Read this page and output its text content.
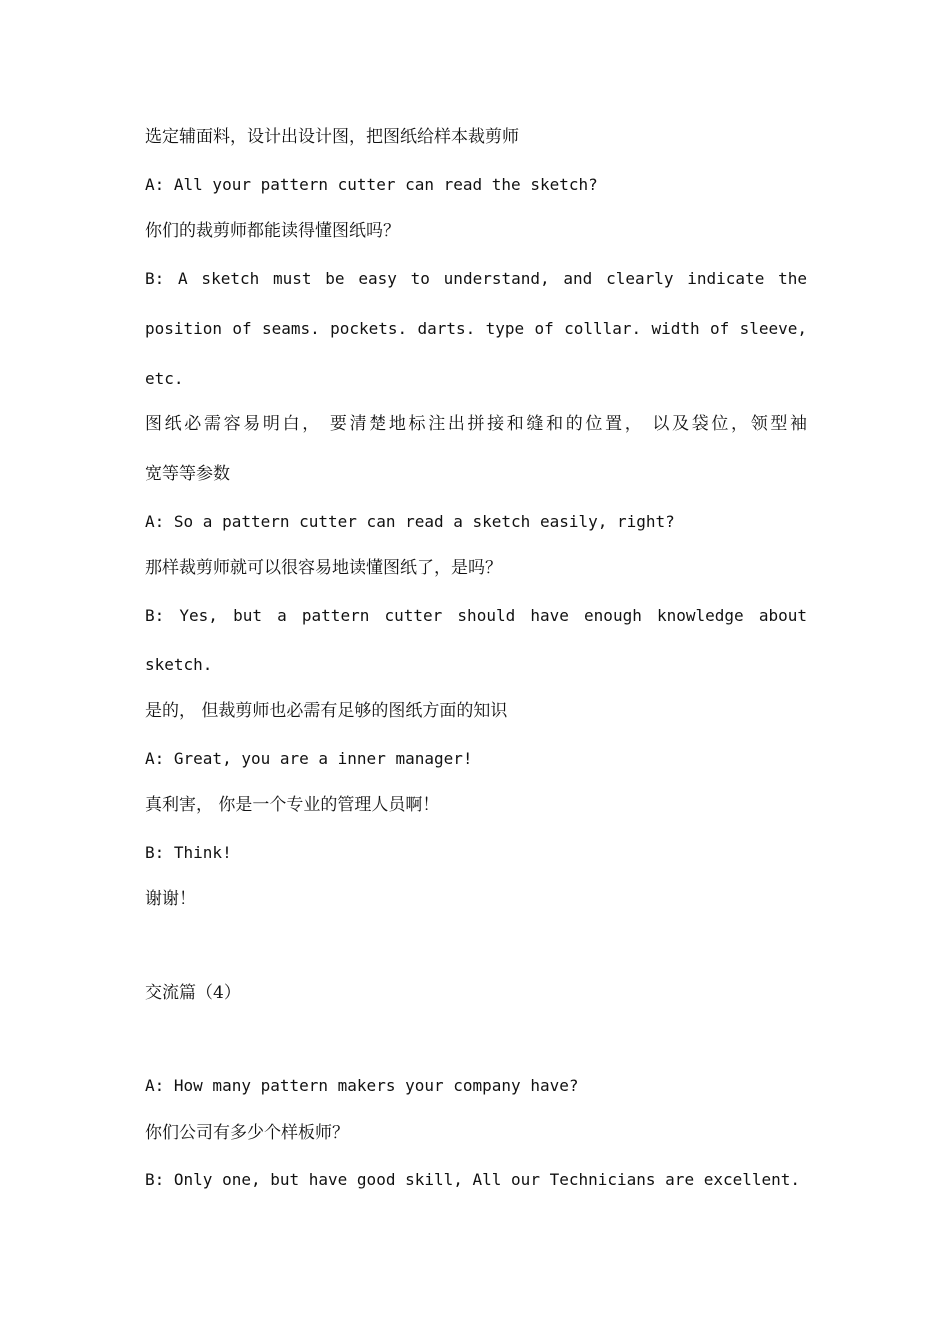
选定辅面料，设计出设计图，把图纸给样本裁剪师

A: All your pattern cutter can read the sketch?

你们的裁剪师都能读得懂图纸吗？

B: A sketch must be easy to understand, and clearly indicate the

position of seams. pockets. darts. type of colllar. width of sleeve,

etc.

图纸必需容易明白， 要清楚地标注出拼接和缝和的位置， 以及袋位，领型袖

宽等等参数

A: So a pattern cutter can read a sketch easily, right?

那样裁剪师就可以很容易地读懂图纸了，是吗？

B: Yes, but a pattern cutter should have enough knowledge about

sketch.

是的， 但裁剪师也必需有足够的图纸方面的知识

A: Great, you are a inner manager!

真利害， 你是一个专业的管理人员啊！

B: Think!

谢谢！

交流篇（4）

A: How many pattern makers your company have?

你们公司有多少个样板师？

B: Only one, but have good skill, All our Technicians are excellent.
